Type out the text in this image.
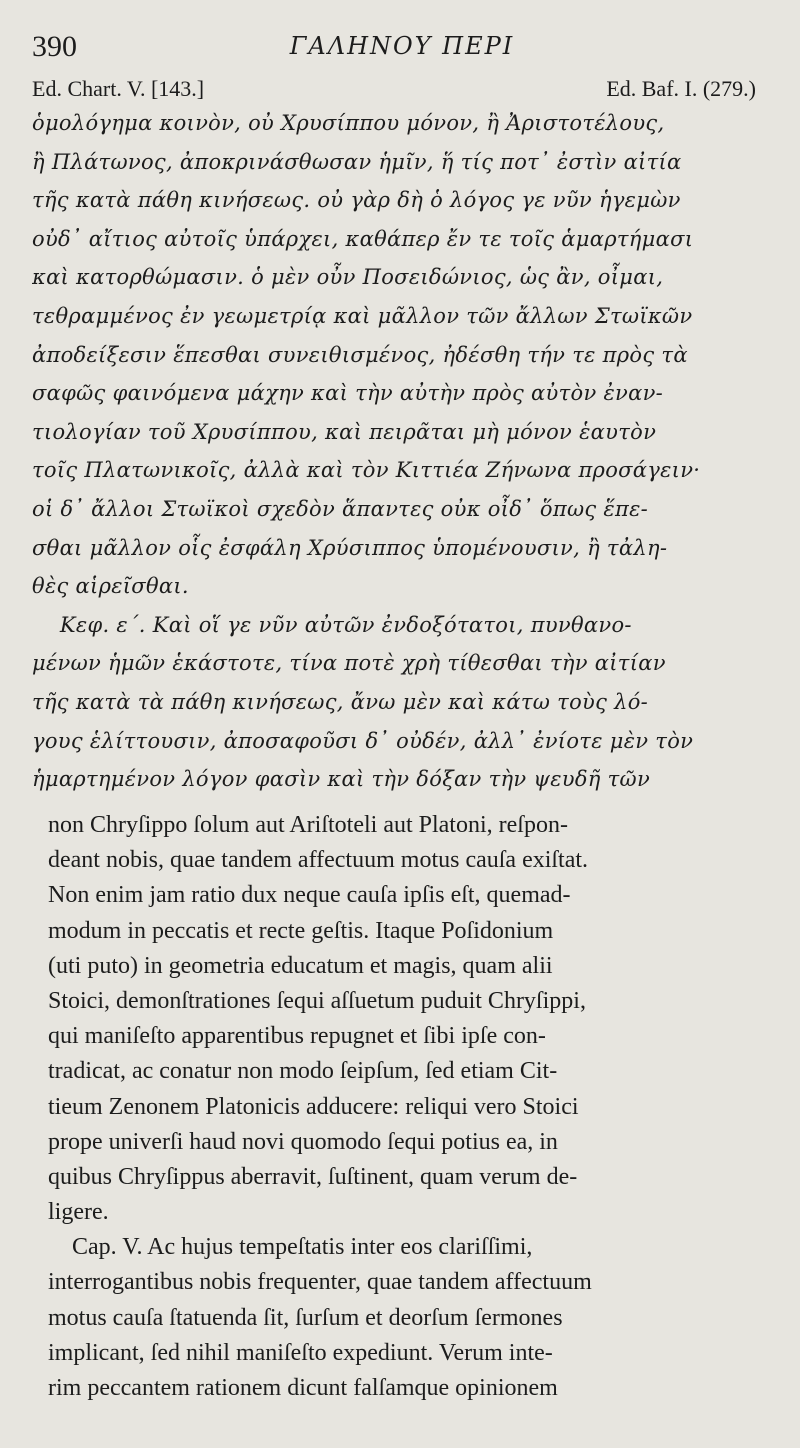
390	ΓΑΛΗΝΟΥ ΠΕΡΙ
Ed. Chart. V. [143.]	Ed. Baf. I. (279.)
ὁμολόγημα κοινὸν, οὐ Χρυσίππου μόνον, ἢ Ἀριστοτέλους,
ἢ Πλάτωνος, ἀποκρινάσθωσαν ἡμῖν, ἥ τίς ποτ᾽ ἐστὶν αἰτία
τῆς κατὰ πάθη κινήσεως. οὐ γὰρ δὴ ὁ λόγος γε νῦν ἡγεμὼν
οὐδ᾽ αἴτιος αὐτοῖς ὑπάρχει, καθάπερ ἔν τε τοῖς ἁμαρτήμασι
καὶ κατορθώμασιν. ὁ μὲν οὖν Ποσειδώνιος, ὡς ἂν, οἶμαι,
τεθραμμένος ἐν γεωμετρίᾳ καὶ μᾶλλον τῶν ἄλλων Στωϊκῶν
ἀποδείξεσιν ἕπεσθαι συνειθισμένος, ἠδέσθη τήν τε πρὸς τὰ
σαφῶς φαινόμενα μάχην καὶ τὴν αὐτὴν πρὸς αὐτὸν ἐναν-
τιολογίαν τοῦ Χρυσίππου, καὶ πειρᾶται μὴ μόνον ἑαυτὸν
τοῖς Πλατωνικοῖς, ἀλλὰ καὶ τὸν Κιττιέα Ζήνωνα προσάγειν·
οἱ δ᾽ ἄλλοι Στωϊκοὶ σχεδὸν ἅπαντες οὐκ οἶδ᾽ ὅπως ἕπε-
σθαι μᾶλλον οἷς ἐσφάλη Χρύσιππος ὑπομένουσιν, ἢ τἀλη-
θὲς αἱρεῖσθαι.
Κεφ. ε΄. Καὶ οἵ γε νῦν αὐτῶν ἐνδοξότατοι, πυνθανο-
μένων ἡμῶν ἑκάστοτε, τίνα ποτὲ χρὴ τίθεσθαι τὴν αἰτίαν
τῆς κατὰ τὰ πάθη κινήσεως, ἄνω μὲν καὶ κάτω τοὺς λό-
γους ἑλίττουσιν, ἀποσαφοῦσι δ᾽ οὐδέν, ἀλλ᾽ ἐνίοτε μὲν τὸν
ἡμαρτημένον λόγον φασὶν καὶ τὴν δόξαν τὴν ψευδῆ τῶν
non Chryſippo ſolum aut Ariſtoteli aut Platoni, reſpon-
deant nobis, quae tandem affectuum motus cauſa exiſtat.
Non enim jam ratio dux neque cauſa ipſis eſt, quemad-
modum in peccatis et recte geſtis. Itaque Poſidonium
(uti puto) in geometria educatum et magis, quam alii
Stoici, demonſtrationes ſequi aſſuetum puduit Chryſippi,
qui maniſeſto apparentibus repugnet et ſibi ipſe con-
tradicat, ac conatur non modo ſeipſum, ſed etiam Cit-
tieum Zenonem Platonicis adducere: reliqui vero Stoici
prope univerſi haud novi quomodo ſequi potius ea, in
quibus Chryſippus aberravit, ſuſtinent, quam verum de-
ligere.
Cap. V. Ac hujus tempeſtatis inter eos clariſſimi,
interrogantibus nobis frequenter, quae tandem affectuum
motus cauſa ſtatuenda ſit, ſurſum et deorſum ſermones
implicant, ſed nihil maniſeſto expediunt. Verum inte-
rim peccantem rationem dicunt falſamque opinionem
